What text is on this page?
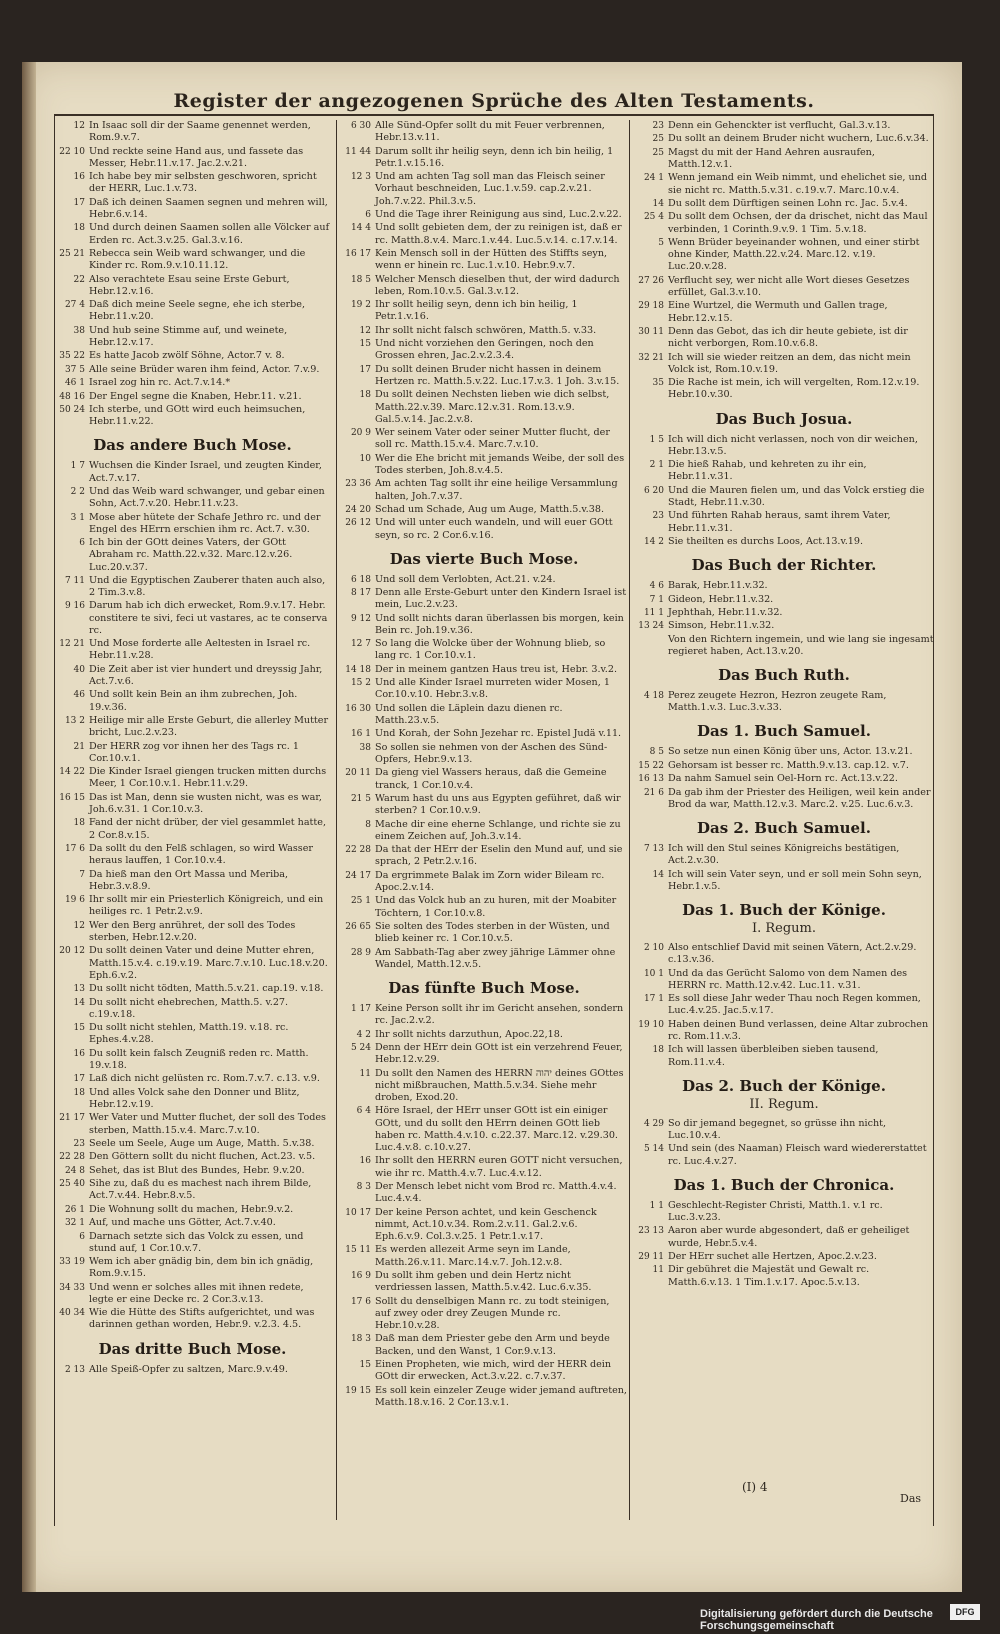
Register der angezogenen Sprüche des Alten Testaments.
12 In Isaac soll dir der Saame genennet werden, Rom.9.v.7.
22 10 Und reckte seine Hand aus, und fassete das Messer, Hebr.11.v.17. Jac.2.v.21.
16 Ich habe bey mir selbsten geschworen, spricht der HERR, Luc.1.v.73.
17 Daß ich deinen Saamen segnen und mehren will, Hebr.6.v.14.
18 Und durch deinen Saamen sollen alle Völcker auf Erden rc. Act.3.v.25. Gal.3.v.16.
25 21 Rebecca sein Weib ward schwanger, und die Kinder rc. Rom.9.v.10.11.12.
22 Also verachtete Esau seine Erste Geburt, Hebr.12.v.16.
27 4 Daß dich meine Seele segne, ehe ich sterbe, Hebr.11.v.20.
38 Und hub seine Stimme auf, und weinete, Hebr.12.v.17.
35 22 Es hatte Jacob zwölf Söhne, Actor.7 v. 8.
37 5 Alle seine Brüder waren ihm feind, Actor. 7.v.9.
46 1 Israel zog hin rc. Act.7.v.14.*
48 16 Der Engel segne die Knaben, Hebr.11. v.21.
50 24 Ich sterbe, und GOtt wird euch heimsuchen, Hebr.11.v.22.
Das andere Buch Mose.
1 7 Wuchsen die Kinder Israel, und zeugten Kinder, Act.7.v.17.
2 2 Und das Weib ward schwanger, und gebar einen Sohn, Act.7.v.20. Hebr.11.v.23.
3 1 Mose aber hütete der Schafe Jethro rc. und der Engel des HErrn erschien ihm rc. Act.7. v.30.
6 Ich bin der GOtt deines Vaters, der GOtt Abraham rc. Matth.22.v.32. Marc.12.v.26. Luc.20.v.37.
7 11 Und die Egyptischen Zauberer thaten auch also, 2 Tim.3.v.8.
9 16 Darum hab ich dich erwecket, Rom.9.v.17. Hebr. constitere te sivi, feci ut vastares, ac te conserva rc.
12 21 Und Mose forderte alle Aeltesten in Israel rc. Hebr.11.v.28.
40 Die Zeit aber ist vier hundert und dreyssig Jahr, Act.7.v.6.
46 Und sollt kein Bein an ihm zubrechen, Joh. 19.v.36.
13 2 Heilige mir alle Erste Geburt, die allerley Mutter bricht, Luc.2.v.23.
21 Der HERR zog vor ihnen her des Tags rc. 1 Cor.10.v.1.
14 22 Die Kinder Israel giengen trucken mitten durchs Meer, 1 Cor.10.v.1. Hebr.11.v.29.
16 15 Das ist Man, denn sie wusten nicht, was es war, Joh.6.v.31. 1 Cor.10.v.3.
18 Fand der nicht drüber, der viel gesammlet hatte, 2 Cor.8.v.15.
17 6 Da sollt du den Felß schlagen, so wird Wasser heraus lauffen, 1 Cor.10.v.4.
7 Da hieß man den Ort Massa und Meriba, Hebr.3.v.8.9.
19 6 Ihr sollt mir ein Priesterlich Königreich, und ein heiliges rc. 1 Petr.2.v.9.
12 Wer den Berg anrühret, der soll des Todes sterben, Hebr.12.v.20.
20 12 Du sollt deinen Vater und deine Mutter ehren, Matth.15.v.4. c.19.v.19. Marc.7.v.10. Luc.18.v.20. Eph.6.v.2.
13 Du sollt nicht tödten, Matth.5.v.21. cap.19. v.18.
14 Du sollt nicht ehebrechen, Matth.5. v.27. c.19.v.18.
15 Du sollt nicht stehlen, Matth.19. v.18. rc. Ephes.4.v.28.
16 Du sollt kein falsch Zeugniß reden rc. Matth. 19.v.18.
17 Laß dich nicht gelüsten rc. Rom.7.v.7. c.13. v.9.
18 Und alles Volck sahe den Donner und Blitz, Hebr.12.v.19.
21 17 Wer Vater und Mutter fluchet, der soll des Todes sterben, Matth.15.v.4. Marc.7.v.10.
23 Seele um Seele, Auge um Auge, Matth. 5.v.38.
22 28 Den Göttern sollt du nicht fluchen, Act.23. v.5.
24 8 Sehet, das ist Blut des Bundes, Hebr. 9.v.20.
25 40 Sihe zu, daß du es machest nach ihrem Bilde, Act.7.v.44. Hebr.8.v.5.
26 1 Die Wohnung sollt du machen, Hebr.9.v.2.
32 1 Auf, und mache uns Götter, Act.7.v.40.
6 Darnach setzte sich das Volck zu essen, und stund auf, 1 Cor.10.v.7.
33 19 Wem ich aber gnädig bin, dem bin ich gnädig, Rom.9.v.15.
34 33 Und wenn er solches alles mit ihnen redete, legte er eine Decke rc. 2 Cor.3.v.13.
40 34 Wie die Hütte des Stifts aufgerichtet, und was darinnen gethan worden, Hebr.9. v.2.3. 4.5.
Das dritte Buch Mose.
2 13 Alle Speiß-Opfer zu saltzen, Marc.9.v.49.
6 30 Alle Sünd-Opfer sollt du mit Feuer verbrennen, Hebr.13.v.11.
11 44 Darum sollt ihr heilig seyn, denn ich bin heilig, 1 Petr.1.v.15.16.
12 3 Und am achten Tag soll man das Fleisch seiner Vorhaut beschneiden, Luc.1.v.59. cap.2.v.21. Joh.7.v.22. Phil.3.v.5.
6 Und die Tage ihrer Reinigung aus sind, Luc.2.v.22.
14 4 Und sollt gebieten dem, der zu reinigen ist, daß er rc. Matth.8.v.4. Marc.1.v.44. Luc.5.v.14. c.17.v.14.
16 17 Kein Mensch soll in der Hütten des Stiffts seyn, wenn er hinein rc. Luc.1.v.10. Hebr.9.v.7.
18 5 Welcher Mensch dieselben thut, der wird dadurch leben, Rom.10.v.5. Gal.3.v.12.
19 2 Ihr sollt heilig seyn, denn ich bin heilig, 1 Petr.1.v.16.
12 Ihr sollt nicht falsch schwören, Matth.5. v.33.
15 Und nicht vorziehen den Geringen, noch den Grossen ehren, Jac.2.v.2.3.4.
17 Du sollt deinen Bruder nicht hassen in deinem Hertzen rc. Matth.5.v.22. Luc.17.v.3. 1 Joh. 3.v.15.
18 Du sollt deinen Nechsten lieben wie dich selbst, Matth.22.v.39. Marc.12.v.31. Rom.13.v.9. Gal.5.v.14. Jac.2.v.8.
20 9 Wer seinem Vater oder seiner Mutter flucht, der soll rc. Matth.15.v.4. Marc.7.v.10.
10 Wer die Ehe bricht mit jemands Weibe, der soll des Todes sterben, Joh.8.v.4.5.
23 36 Am achten Tag sollt ihr eine heilige Versammlung halten, Joh.7.v.37.
24 20 Schad um Schade, Aug um Auge, Matth.5.v.38.
26 12 Und will unter euch wandeln, und will euer GOtt seyn, so rc. 2 Cor.6.v.16.
Das vierte Buch Mose.
6 18 Und soll dem Verlobten, Act.21. v.24.
8 17 Denn alle Erste-Geburt unter den Kindern Israel ist mein, Luc.2.v.23.
9 12 Und sollt nichts daran überlassen bis morgen, kein Bein rc. Joh.19.v.36.
12 7 So lang die Wolcke über der Wohnung blieb, so lang rc. 1 Cor.10.v.1.
14 18 Der in meinem gantzen Haus treu ist, Hebr. 3.v.2.
15 2 Und alle Kinder Israel murreten wider Mosen, 1 Cor.10.v.10. Hebr.3.v.8.
16 30 Und sollen die Läplein dazu dienen rc. Matth.23.v.5.
16 1 Und Korah, der Sohn Jezehar rc. Epistel Judä v.11.
38 So sollen sie nehmen von der Aschen des Sünd-Opfers, Hebr.9.v.13.
20 11 Da gieng viel Wassers heraus, daß die Gemeine tranck, 1 Cor.10.v.4.
21 5 Warum hast du uns aus Egypten geführet, daß wir sterben? 1 Cor.10.v.9.
8 Mache dir eine eherne Schlange, und richte sie zu einem Zeichen auf, Joh.3.v.14.
22 28 Da that der HErr der Eselin den Mund auf, und sie sprach, 2 Petr.2.v.16.
24 17 Da ergrimmete Balak im Zorn wider Bileam rc. Apoc.2.v.14.
25 1 Und das Volck hub an zu huren, mit der Moabiter Töchtern, 1 Cor.10.v.8.
26 65 Sie solten des Todes sterben in der Wüsten, und blieb keiner rc. 1 Cor.10.v.5.
28 9 Am Sabbath-Tag aber zwey jährige Lämmer ohne Wandel, Matth.12.v.5.
Das fünfte Buch Mose.
1 17 Keine Person sollt ihr im Gericht ansehen, sondern rc. Jac.2.v.2.
4 2 Ihr sollt nichts darzuthun, Apoc.22,18.
5 24 Denn der HErr dein GOtt ist ein verzehrend Feuer, Hebr.12.v.29.
11 Du sollt den Namen des HERRN יהוה deines GOttes nicht mißbrauchen, Matth.5.v.34. Siehe mehr droben, Exod.20.
6 4 Höre Israel, der HErr unser GOtt ist ein einiger GOtt, und du sollt den HErrn deinen GOtt lieb haben rc. Matth.4.v.10. c.22.37. Marc.12. v.29.30. Luc.4.v.8. c.10.v.27.
16 Ihr sollt den HERRN euren GOTT nicht versuchen, wie ihr rc. Matth.4.v.7. Luc.4.v.12.
8 3 Der Mensch lebet nicht vom Brod rc. Matth.4.v.4. Luc.4.v.4.
10 17 Der keine Person achtet, und kein Geschenck nimmt, Act.10.v.34. Rom.2.v.11. Gal.2.v.6. Eph.6.v.9. Col.3.v.25. 1 Petr.1.v.17.
15 11 Es werden allezeit Arme seyn im Lande, Matth.26.v.11. Marc.14.v.7. Joh.12.v.8.
16 9 Du sollt ihm geben und dein Hertz nicht verdriessen lassen, Matth.5.v.42. Luc.6.v.35.
17 6 Sollt du denselbigen Mann rc. zu todt steinigen, auf zwey oder drey Zeugen Munde rc. Hebr.10.v.28.
18 3 Daß man dem Priester gebe den Arm und beyde Backen, und den Wanst, 1 Cor.9.v.13.
15 Einen Propheten, wie mich, wird der HERR dein GOtt dir erwecken, Act.3.v.22. c.7.v.37.
19 15 Es soll kein einzeler Zeuge wider jemand auftreten, Matth.18.v.16. 2 Cor.13.v.1.
23 Denn ein Gehenckter ist verflucht, Gal.3.v.13.
25 Du sollt an deinem Bruder nicht wuchern, Luc.6.v.34.
25 Magst du mit der Hand Aehren ausraufen, Matth.12.v.1.
24 1 Wenn jemand ein Weib nimmt, und ehelichet sie, und sie nicht rc. Matth.5.v.31. c.19.v.7. Marc.10.v.4.
14 Du sollt dem Dürftigen seinen Lohn rc. Jac. 5.v.4.
25 4 Du sollt dem Ochsen, der da drischet, nicht das Maul verbinden, 1 Corinth.9.v.9. 1 Tim. 5.v.18.
5 Wenn Brüder beyeinander wohnen, und einer stirbt ohne Kinder, Matth.22.v.24. Marc.12. v.19. Luc.20.v.28.
27 26 Verflucht sey, wer nicht alle Wort dieses Gesetzes erfüllet, Gal.3.v.10.
29 18 Eine Wurtzel, die Wermuth und Gallen trage, Hebr.12.v.15.
30 11 Denn das Gebot, das ich dir heute gebiete, ist dir nicht verborgen, Rom.10.v.6.8.
32 21 Ich will sie wieder reitzen an dem, das nicht mein Volck ist, Rom.10.v.19.
35 Die Rache ist mein, ich will vergelten, Rom.12.v.19. Hebr.10.v.30.
Das Buch Josua.
1 5 Ich will dich nicht verlassen, noch von dir weichen, Hebr.13.v.5.
2 1 Die hieß Rahab, und kehreten zu ihr ein, Hebr.11.v.31.
6 20 Und die Mauren fielen um, und das Volck erstieg die Stadt, Hebr.11.v.30.
23 Und führten Rahab heraus, samt ihrem Vater, Hebr.11.v.31.
14 2 Sie theilten es durchs Loos, Act.13.v.19.
Das Buch der Richter.
4 6 Barak, Hebr.11.v.32.
7 1 Gideon, Hebr.11.v.32.
11 1 Jephthah, Hebr.11.v.32.
13 24 Simson, Hebr.11.v.32.
Von den Richtern ingemein, und wie lang sie ingesamt regieret haben, Act.13.v.20.
Das Buch Ruth.
4 18 Perez zeugete Hezron, Hezron zeugete Ram, Matth.1.v.3. Luc.3.v.33.
Das 1. Buch Samuel.
8 5 So setze nun einen König über uns, Actor. 13.v.21.
15 22 Gehorsam ist besser rc. Matth.9.v.13. cap.12. v.7.
16 13 Da nahm Samuel sein Oel-Horn rc. Act.13.v.22.
21 6 Da gab ihm der Priester des Heiligen, weil kein ander Brod da war, Matth.12.v.3. Marc.2. v.25. Luc.6.v.3.
Das 2. Buch Samuel.
7 13 Ich will den Stul seines Königreichs bestätigen, Act.2.v.30.
14 Ich will sein Vater seyn, und er soll mein Sohn seyn, Hebr.1.v.5.
Das 1. Buch der Könige.
I. Regum.
2 10 Also entschlief David mit seinen Vätern, Act.2.v.29. c.13.v.36.
10 1 Und da das Gerücht Salomo von dem Namen des HERRN rc. Matth.12.v.42. Luc.11. v.31.
17 1 Es soll diese Jahr weder Thau noch Regen kommen, Luc.4.v.25. Jac.5.v.17.
19 10 Haben deinen Bund verlassen, deine Altar zubrochen rc. Rom.11.v.3.
18 Ich will lassen überbleiben sieben tausend, Rom.11.v.4.
Das 2. Buch der Könige.
II. Regum.
4 29 So dir jemand begegnet, so grüsse ihn nicht, Luc.10.v.4.
5 14 Und sein (des Naaman) Fleisch ward wiedererstattet rc. Luc.4.v.27.
Das 1. Buch der Chronica.
1 1 Geschlecht-Register Christi, Matth.1. v.1 rc. Luc.3.v.23.
23 13 Aaron aber wurde abgesondert, daß er geheiliget wurde, Hebr.5.v.4.
29 11 Der HErr suchet alle Hertzen, Apoc.2.v.23.
11 Dir gebühret die Majestät und Gewalt rc. Matth.6.v.13. 1 Tim.1.v.17. Apoc.5.v.13.
(I) 4
Das
Digitalisierung gefördert durch die Deutsche Forschungsgemeinschaft
DFG
